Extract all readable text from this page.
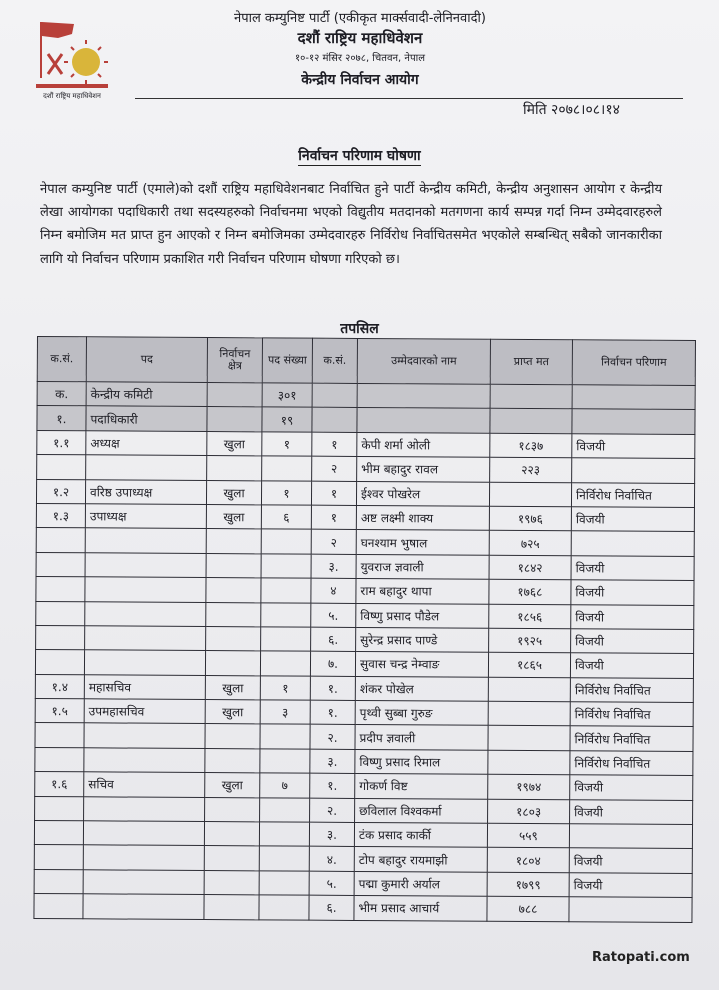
दशौं राष्ट्रिय महाधिवेशन
नेपाल कम्युनिष्ट पार्टी (एकीकृत मार्क्सवादी-लेनिनवादी)
दशौं राष्ट्रिय महाधिवेशन
१०-१२ मंसिर २०७८, चितवन, नेपाल
केन्द्रीय निर्वाचन आयोग
मिति २०७८।०८।१४
निर्वाचन परिणाम घोषणा
नेपाल कम्युनिष्ट पार्टी (एमाले)को दशौं राष्ट्रिय महाधिवेशनबाट निर्वाचित हुने पार्टी केन्द्रीय कमिटी, केन्द्रीय अनुशासन आयोग र केन्द्रीय लेखा आयोगका पदाधिकारी तथा सदस्यहरुको निर्वाचनमा भएको विद्युतीय मतदानको मतगणना कार्य सम्पन्न गर्दा निम्न उम्मेदवारहरुले निम्न बमोजिम मत प्राप्त हुन आएको र निम्न बमोजिमका उम्मेदवारहरु निर्विरोध निर्वाचितसमेत भएकोले सम्बन्धित् सबैको जानकारीका लागि यो निर्वाचन परिणाम प्रकाशित गरी निर्वाचन परिणाम घोषणा गरिएको छ।
तपसिल
क.सं.	पद	निर्वाचन क्षेत्र	पद संख्या	क.सं.	उम्मेदवारको नाम	प्राप्त मत	निर्वाचन परिणाम
क.	केन्द्रीय कमिटी		३०१				
१.	पदाधिकारी		१९				
१.१	अध्यक्ष	खुला	१	१	केपी शर्मा ओली	१८३७	विजयी
				२	भीम बहादुर रावल	२२३	
१.२	वरिष्ठ उपाध्यक्ष	खुला	१	१	ईश्वर पोखरेल		निर्विरोध निर्वाचित
१.३	उपाध्यक्ष	खुला	६	१	अष्ट लक्ष्मी शाक्य	१९७६	विजयी
				२	घनश्याम भुषाल	७२५	
				३.	युवराज ज्ञवाली	१८४२	विजयी
				४	राम बहादुर थापा	१७६८	विजयी
				५.	विष्णु प्रसाद पौडेल	१८५६	विजयी
				६.	सुरेन्द्र प्रसाद पाण्डे	१९२५	विजयी
				७.	सुवास चन्द्र नेम्वाङ	१८६५	विजयी
१.४	महासचिव	खुला	१	१.	शंकर पोखेल		निर्विरोध निर्वाचित
१.५	उपमहासचिव	खुला	३	१.	पृथ्वी सुब्बा गुरुङ		निर्विरोध निर्वाचित
				२.	प्रदीप ज्ञवाली		निर्विरोध निर्वाचित
				३.	विष्णु प्रसाद रिमाल		निर्विरोध निर्वाचित
१.६	सचिव	खुला	७	१.	गोकर्ण विष्ट	१९७४	विजयी
				२.	छविलाल विश्वकर्मा	१८०३	विजयी
				३.	टंक प्रसाद कार्की	५५९	
				४.	टोप बहादुर रायमाझी	१८०४	विजयी
				५.	पद्मा कुमारी अर्याल	१७९९	विजयी
				६.	भीम प्रसाद आचार्य	७८८	
Ratopati.com
